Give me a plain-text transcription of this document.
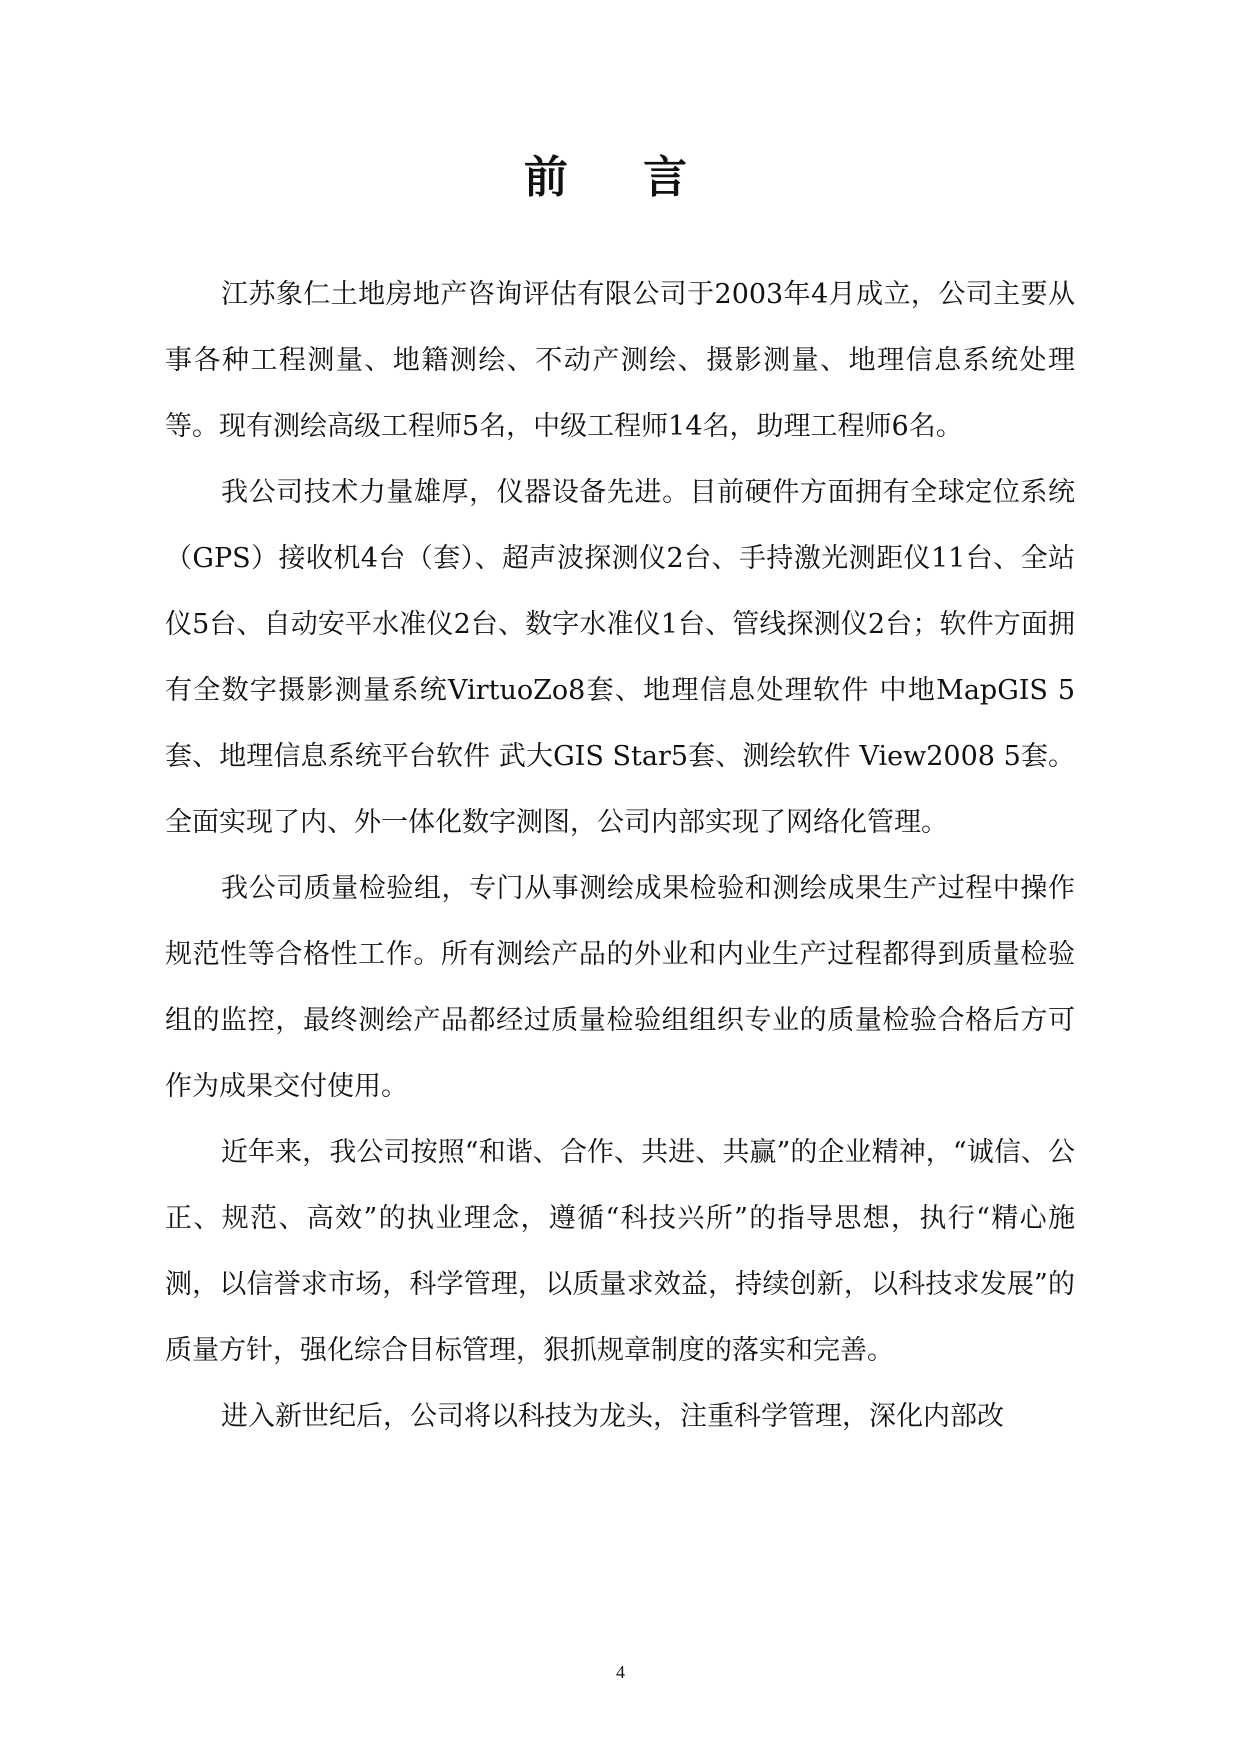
前 言

江苏象仁土地房地产咨询评估有限公司于2003年4月成立，公司主要从事各种工程测量、地籍测绘、不动产测绘、摄影测量、地理信息系统处理等。现有测绘高级工程师5名，中级工程师14名，助理工程师6名。

我公司技术力量雄厚，仪器设备先进。目前硬件方面拥有全球定位系统（GPS）接收机4台（套）、超声波探测仪2台、手持激光测距仪11台、全站仪5台、自动安平水准仪2台、数字水准仪1台、管线探测仪2台；软件方面拥有全数字摄影测量系统VirtuoZo8套、地理信息处理软件 中地MapGIS 5套、地理信息系统平台软件 武大GIS Star5套、测绘软件 View2008 5套。全面实现了内、外一体化数字测图，公司内部实现了网络化管理。

我公司质量检验组，专门从事测绘成果检验和测绘成果生产过程中操作规范性等合格性工作。所有测绘产品的外业和内业生产过程都得到质量检验组的监控，最终测绘产品都经过质量检验组组织专业的质量检验合格后方可作为成果交付使用。

近年来，我公司按照“和谐、合作、共进、共赢”的企业精神，“诚信、公正、规范、高效”的执业理念，遵循“科技兴所”的指导思想，执行“精心施测，以信誉求市场，科学管理，以质量求效益，持续创新，以科技求发展”的质量方针，强化综合目标管理，狠抓规章制度的落实和完善。

进入新世纪后，公司将以科技为龙头，注重科学管理，深化内部改

4
